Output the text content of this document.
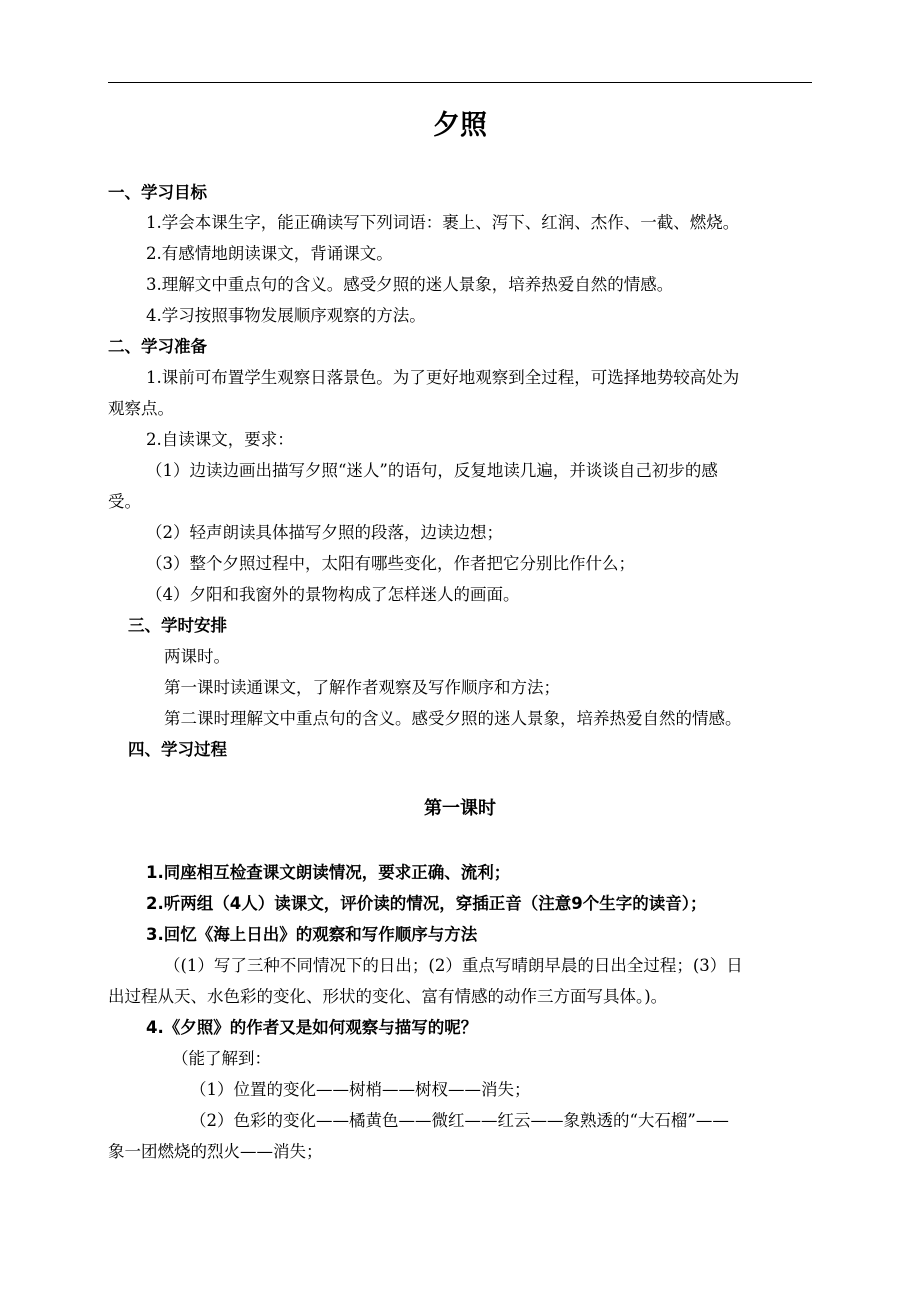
夕照
一、学习目标
1.学会本课生字，能正确读写下列词语：裹上、泻下、红润、杰作、一截、燃烧。
2.有感情地朗读课文，背诵课文。
3.理解文中重点句的含义。感受夕照的迷人景象，培养热爱自然的情感。
4.学习按照事物发展顺序观察的方法。
二、学习准备
1.课前可布置学生观察日落景色。为了更好地观察到全过程，可选择地势较高处为
观察点。
2.自读课文，要求：
（1）边读边画出描写夕照“迷人”的语句，反复地读几遍，并谈谈自己初步的感
受。
（2）轻声朗读具体描写夕照的段落，边读边想；
（3）整个夕照过程中，太阳有哪些变化，作者把它分别比作什么；
（4）夕阳和我窗外的景物构成了怎样迷人的画面。
三、学时安排
两课时。
第一课时读通课文，了解作者观察及写作顺序和方法；
第二课时理解文中重点句的含义。感受夕照的迷人景象，培养热爱自然的情感。
四、学习过程
第一课时
1.同座相互检查课文朗读情况，要求正确、流利；
2.听两组（4人）读课文，评价读的情况，穿插正音（注意9个生字的读音）；
3.回忆《海上日出》的观察和写作顺序与方法
（(1）写了三种不同情况下的日出；(2）重点写晴朗早晨的日出全过程；(3）日
出过程从天、水色彩的变化、形状的变化、富有情感的动作三方面写具体。)。
4.《夕照》的作者又是如何观察与描写的呢？
（能了解到：
（1）位置的变化——树梢——树杈——消失；
（2）色彩的变化——橘黄色——微红——红云——象熟透的“大石榴”——
象一团燃烧的烈火——消失；
